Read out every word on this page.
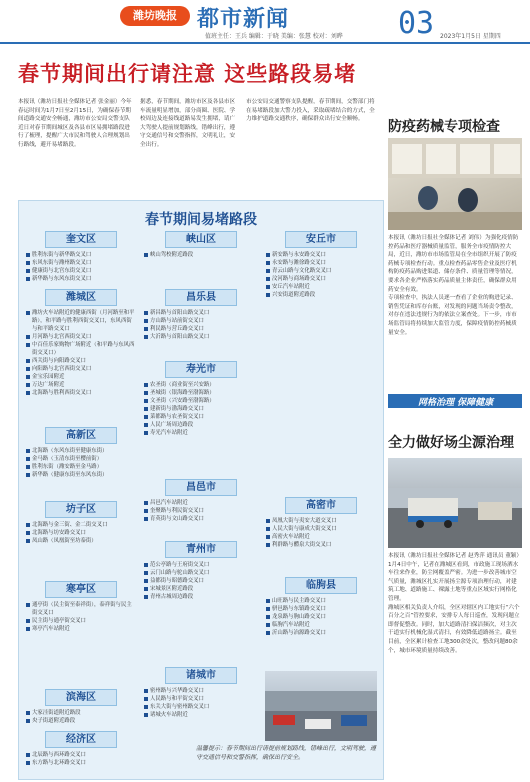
潍坊晚报 都市新闻	03
值班主任：王兵 编辑：于晓 美编：张慧 校对：刘晔	2023年1月5日 星期四
春节期间出行请注意 这些路段易堵
本报讯（潍坊日报社全媒体记者 张金丽）今年春运时间为1月7日至2月15日，为确保春节期间道路交通安全畅通，潍坊市公安局交警支队近日对春节期间城区及各县市区易拥堵路段进行了梳理，提醒广大市民和驾驶人合理规划出行路线，避开易堵路段。
据悉，春节期间，潍坊市区及各县市区车流量明显增加，部分商圈、医院、学校周边及连接线道路易发生拥堵，请广大驾驶人提前规划路线，错峰出行，遵守交通信号和交警指挥，文明礼让，安全出行。
市公安局交通警察支队提醒，春节期间，交警部门将在易堵路段加大警力投入，采取疏堵结合的方式，全力维护道路交通秩序，确保群众出行安全顺畅。
春节期间易堵路段
奎文区
胜利东街与新华路交叉口
东风东街与潍州路交叉口
健康街与北宫东街交叉口
新华路与东风东街交叉口
潍城区
潍坊火车站附近的健康西街（月河路至和平路），和平路与胜利西街交叉口，东风西街与和平路交叉口
月河路与北宫西街交叉口
中百佳乐家购物广场附近（和平路与东风西街交叉口）
西关街与向阳路交叉口
向阳路与北宫西街交叉口
金宝乐园附近
万达广场附近
北海路与胜利西街交叉口
高新区
北海路（东风东街至健康东街）
金马路（玉清东街至樱前街）
胜利东街（潍安路至金马路）
新华路（健康东街至东风东街）
坊子区
北海路与金三街、金二街交叉口
北海路与坊安路交叉口
凤山路（凤凰街至坊泰街）
寒亭区
通亭街（民主街至泰祥街），泰祥街与民主街交叉口
民主街与通亭街交叉口
寒亭汽车站附近
滨海区
大家洼街道附近路段
央子街道附近路段
经济区
北辰路与西环路交叉口
东方路与北环路交叉口
峡山区
峡山驾校附近路段
昌乐县
新昌路与首阳山路交叉口
方山路与站前街交叉口
利民路与营丘路交叉口
大沂路与首阳山路交叉口
寿光市
农圣街（商业街至兴安路）
圣城街（银海路至渤海路）
文圣街（兴安路至渤海路）
建新街与渤海路交叉口
菜都路与农圣街交叉口
人民广场周边路段
寿光汽车站附近
昌邑市
昌邑汽车站附近
奎聚路与利民街交叉口
育英街与文山路交叉口
青州市
范公亭路与王府街交叉口
云门山路与驼山路交叉口
益都街与昭德路交叉口
宋城景区附近路段
青州古城周边路段
诸城市
密州路与兴华路交叉口
人民路与和平街交叉口
东关大街与密州路交叉口
诸城火车站附近
安丘市
新安路与永安路交叉口
永安路与潍徐路交叉口
青云山路与文化路交叉口
汶河路与商场路交叉口
安丘汽车站附近
兴安街道附近路段
高密市
凤凰大街与夷安大道交叉口
人民大街与康成大街交叉口
高密火车站附近
利群路与醴泉大街交叉口
临朐县
山旺路与民主路交叉口
骈邑路与东镇路交叉口
龙泉路与朐山路交叉口
临朐汽车站附近
沂山路与冶源路交叉口
温馨提示：春节期间出行请提前规划路线，错峰出行，文明驾驶，遵守交通信号和交警指挥，确保出行安全。
防疫药械专项检查
本报讯（潍坊日报社全媒体记者 刘伟）为强化疫情防控药品和医疗器械质量监管，服务全市疫情防控大局，近日，潍坊市市场监管局在全市组织开展了防疫药械专项检查行动。重点检查药品零售企业及医疗机构防疫药品购进渠道、储存条件、质量管理等情况，要求各企业严格落实药品质量主体责任，确保群众用药安全有效。
专项检查中，执法人员逐一查看了企业的购进记录、销售凭证和库存台账，对发现的问题当场责令整改，对存在违法违规行为的依法立案查处。下一步，市市场监管局将持续加大监管力度，保障疫情防控药械质量安全。
网格治理 保障健康
全力做好场尘源治理
本报讯（潍坊日报社全媒体记者 赵秀萍 通讯员 董颖）1月4日中午，记者在潍城区看到，市政施工现场洒水车往来作业，防尘网覆盖严密。为进一步改善城市空气质量，潍城区扎实开展扬尘源专项治理行动，对建筑工地、道路施工、裸露土地等重点区域实行网格化管理。
潍城区相关负责人介绍，全区对辖区内工地实行“六个百分之百”管控要求，安排专人每日巡查，发现问题立即督促整改。同时，加大道路清扫保洁频次，对主次干道实行机械化湿式清扫，有效降低道路扬尘。截至目前，全区累计检查工地300余处次，整改问题80余个，城市环境质量持续改善。
